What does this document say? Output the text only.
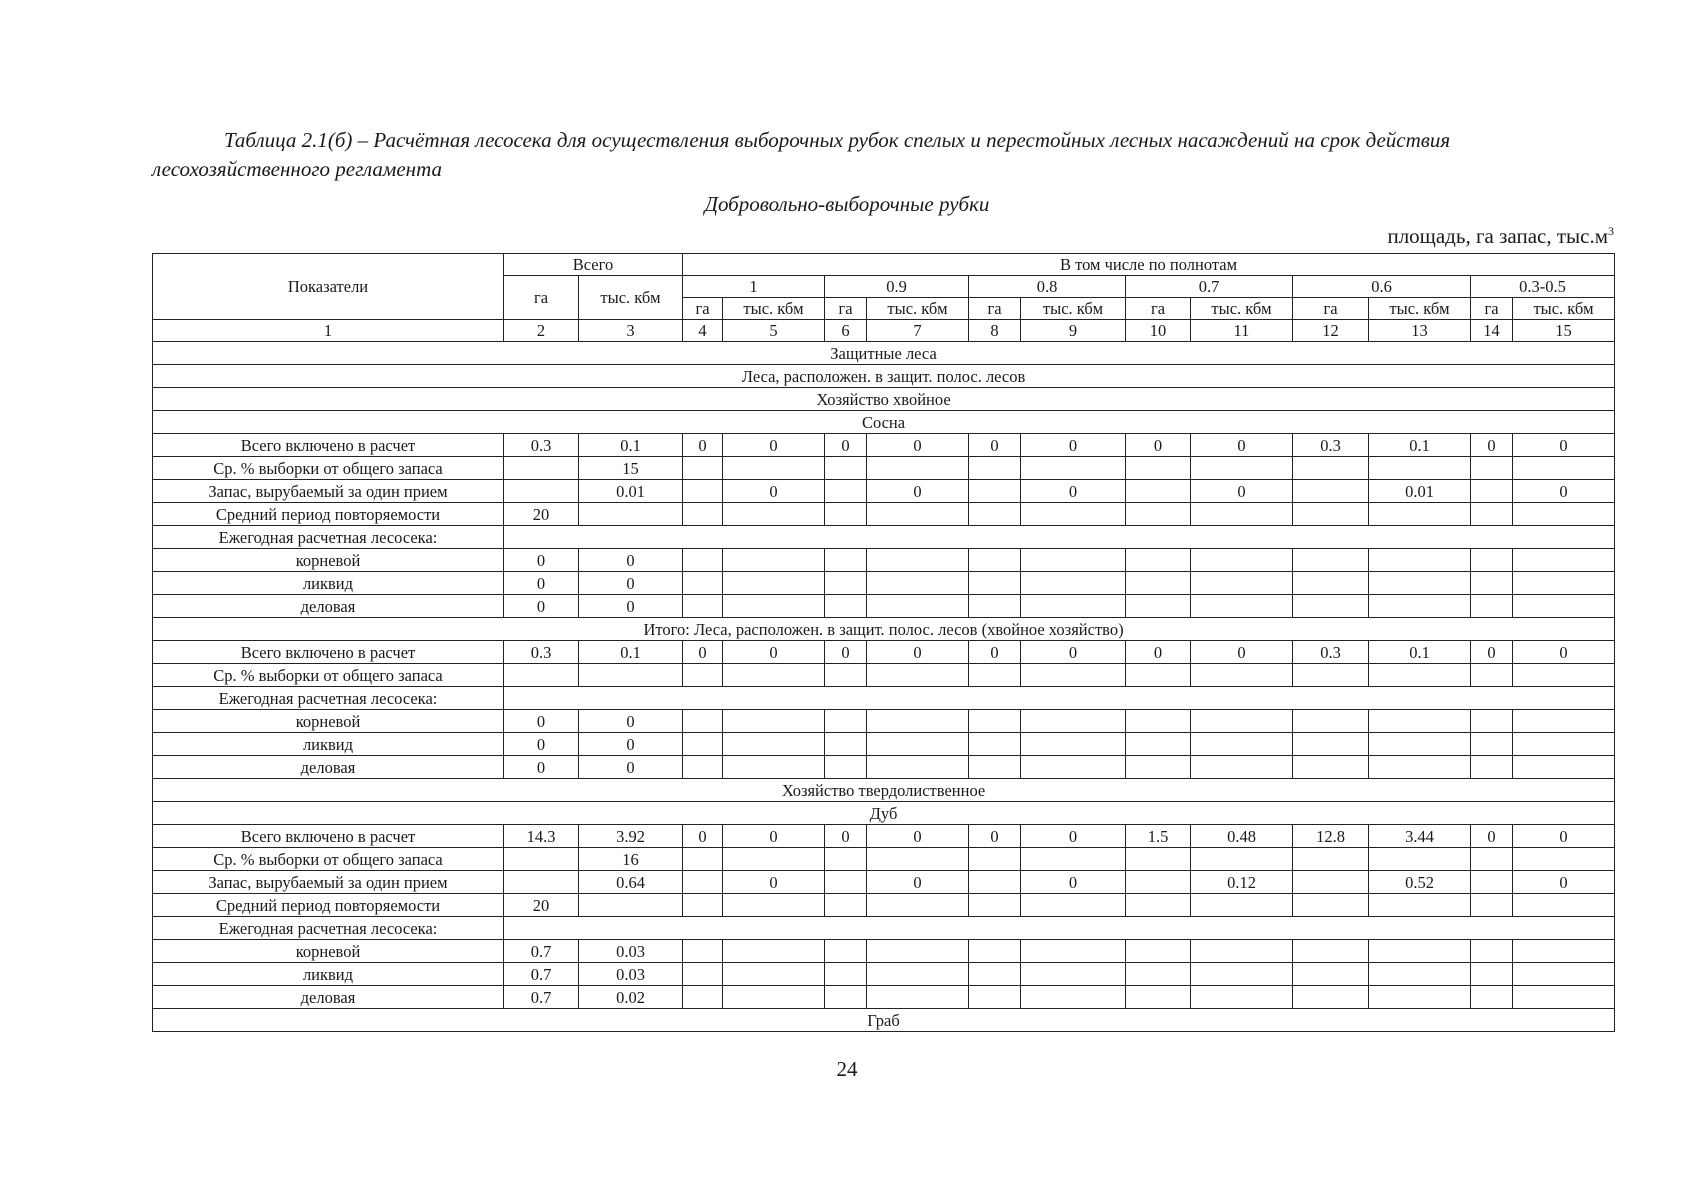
Таблица 2.1(б) – Расчётная лесосека для осуществления выборочных рубок спелых и перестойных лесных насаждений на срок действия
лесохозяйственного регламента
Добровольно-выборочные рубки
площадь, га запас, $тыс.м^3$
Показатели	Всего		В том числе по полнотам											
	га	тыс. кбм	1		0.9		0.8		0.7		0.6		0.3-0.5	
			га	тыс. кбм	га	тыс. кбм	га	тыс. кбм	га	тыс. кбм	га	тыс. кбм	га	тыс. кбм
1	2	3	4	5	6	7	8	9	10	11	12	13	14	15
Защитные леса														
Леса, расположен. в защит. полос. лесов														
Хозяйство хвойное														
Сосна														
Всего включено в расчет	0.3	0.1	0	0	0	0	0	0	0	0	0.3	0.1	0	0
Ср. % выборки от общего запаса		15												
Запас, вырубаемый за один прием		0.01		0		0		0		0		0.01		0
Средний период повторяемости	20													
Ежегодная расчетная лесосека:														
корневой	0	0												
ликвид	0	0												
деловая	0	0												
Итого: Леса, расположен. в защит. полос. лесов (хвойное хозяйство)														
Всего включено в расчет	0.3	0.1	0	0	0	0	0	0	0	0	0.3	0.1	0	0
Ср. % выборки от общего запаса														
Ежегодная расчетная лесосека:														
корневой	0	0												
ликвид	0	0												
деловая	0	0												
Хозяйство твердолиственное														
Дуб														
Всего включено в расчет	14.3	3.92	0	0	0	0	0	0	1.5	0.48	12.8	3.44	0	0
Ср. % выборки от общего запаса		16												
Запас, вырубаемый за один прием		0.64		0		0		0		0.12		0.52		0
Средний период повторяемости	20													
Ежегодная расчетная лесосека:														
корневой	0.7	0.03												
ликвид	0.7	0.03												
деловая	0.7	0.02												
Граб														
24
